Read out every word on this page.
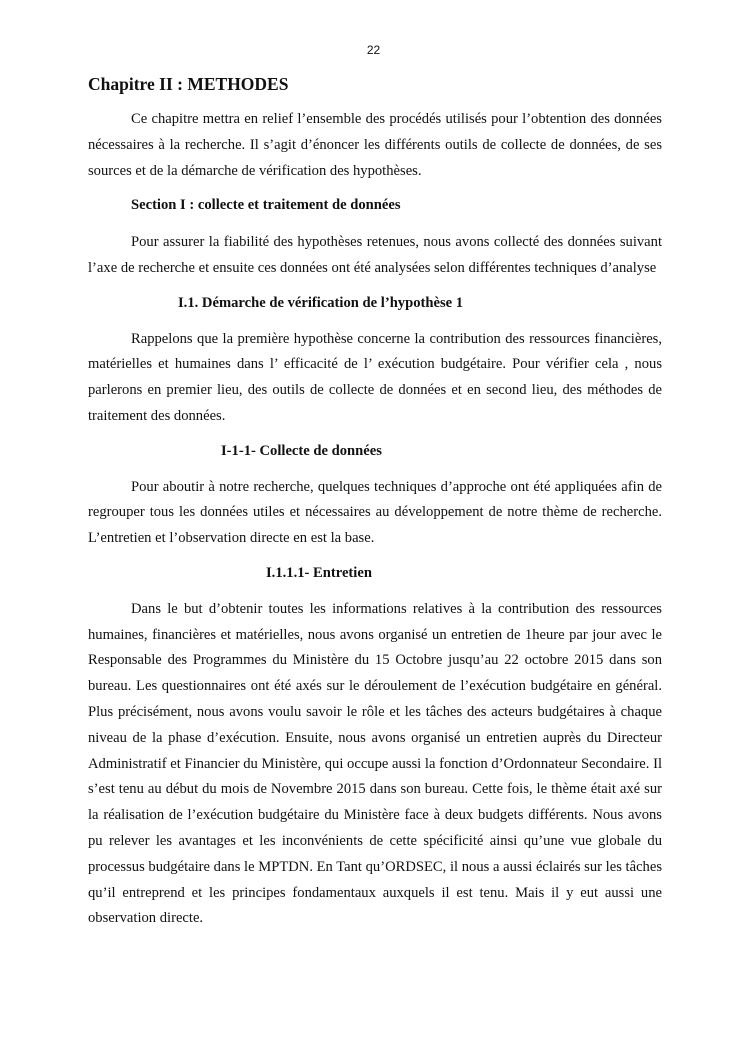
22
Chapitre II : METHODES

Ce chapitre mettra en relief l’ensemble des procédés utilisés pour l’obtention des données nécessaires à la recherche. Il s’agit d’énoncer les différents outils de collecte de données, de ses sources et de la démarche de vérification des hypothèses.

Section I : collecte et traitement de données

Pour assurer la fiabilité des hypothèses retenues, nous avons collecté des données suivant l’axe de recherche et ensuite ces données ont été analysées selon différentes techniques d’analyse

I.1. Démarche de vérification de l’hypothèse 1

Rappelons que la première hypothèse concerne la contribution des ressources financières, matérielles et humaines dans l’ efficacité de l’ exécution budgétaire. Pour vérifier cela , nous parlerons en premier lieu, des outils de collecte de données et en second lieu, des méthodes de traitement des données.

I-1-1- Collecte de données

Pour aboutir à notre recherche, quelques techniques d’approche ont été appliquées afin de regrouper tous les données utiles et nécessaires au développement de notre thème de recherche. L’entretien et l’observation directe en est la base.

I.1.1.1- Entretien

Dans le but d’obtenir toutes les informations relatives à la contribution des ressources humaines, financières et matérielles, nous avons organisé un entretien de 1heure par jour avec le Responsable des Programmes du Ministère du 15 Octobre jusqu’au 22 octobre 2015 dans son bureau. Les questionnaires ont été axés sur le déroulement de l’exécution budgétaire en général. Plus précisément, nous avons voulu savoir le rôle et les tâches des acteurs budgétaires à chaque niveau de la phase d’exécution. Ensuite, nous avons organisé un entretien auprès du Directeur Administratif et Financier du Ministère, qui occupe aussi la fonction d’Ordonnateur Secondaire. Il s’est tenu au début du mois de Novembre 2015 dans son bureau. Cette fois, le thème était axé sur la réalisation de l’exécution budgétaire du Ministère face à deux budgets différents. Nous avons pu relever les avantages et les inconvénients de cette spécificité ainsi qu’une vue globale du processus budgétaire dans le MPTDN. En Tant qu’ORDSEC, il nous a aussi éclairés sur les tâches qu’il entreprend et les principes fondamentaux auxquels il est tenu. Mais il y eut aussi une observation directe.
